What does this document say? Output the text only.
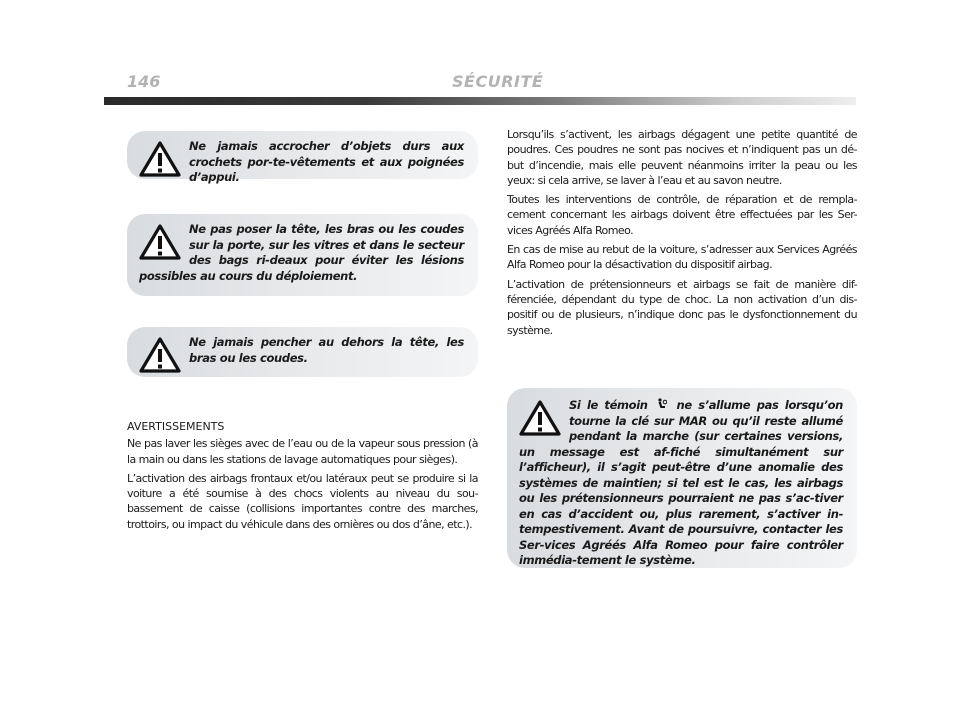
146	SÉCURITÉ
Ne jamais accrocher d’objets durs aux crochets por-te-vêtements et aux poignées d’appui.
Ne pas poser la tête, les bras ou les coudes sur la porte, sur les vitres et dans le secteur des bags ri-deaux pour éviter les lésions possibles au cours du déploiement.
Ne jamais pencher au dehors la tête, les bras ou les coudes.

AVERTISSEMENTS

Ne pas laver les sièges avec de l’eau ou de la vapeur sous pression (à la main ou dans les stations de lavage automatiques pour sièges).

L’activation des airbags frontaux et/ou latéraux peut se produire si la voiture a été soumise à des chocs violents au niveau du sou-bassement de caisse (collisions importantes contre des marches, trottoirs, ou impact du véhicule dans des ornières ou dos d’âne, etc.).

Lorsqu’ils s’activent, les airbags dégagent une petite quantité de poudres. Ces poudres ne sont pas nocives et n’indiquent pas un dé-but d’incendie, mais elle peuvent néanmoins irriter la peau ou les yeux: si cela arrive, se laver à l’eau et au savon neutre.

Toutes les interventions de contrôle, de réparation et de rempla-cement concernant les airbags doivent être effectuées par les Ser-vices Agréés Alfa Romeo.

En cas de mise au rebut de la voiture, s’adresser aux Services Agréés Alfa Romeo pour la désactivation du dispositif airbag.

L’activation de prétensionneurs et airbags se fait de manière dif-férenciée, dépendant du type de choc. La non activation d’un dis-positif ou de plusieurs, n’indique donc pas le dysfonctionnement du système.

Si le témoin	ne s’allume pas lorsqu’on tourne la clé sur MAR ou qu’il reste allumé pendant la marche (sur certaines versions, un message est af-fiché simultanément sur l’afficheur), il s’agit peut-être d’une anomalie des systèmes de maintien; si tel est le cas, les airbags ou les prétensionneurs pourraient ne pas s’ac-tiver en cas d’accident ou, plus rarement, s’activer in-tempestivement. Avant de poursuivre, contacter les Ser-vices Agréés Alfa Romeo pour faire contrôler immédia-tement le système.
